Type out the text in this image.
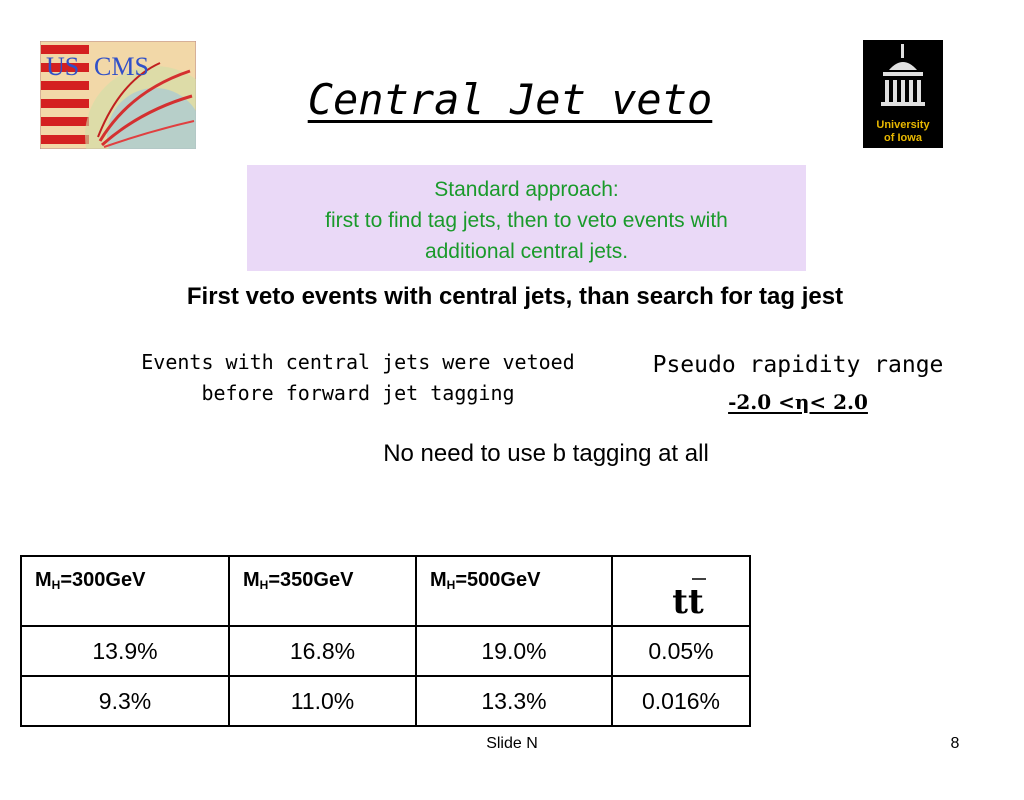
US CMS
University
of Iowa
Central Jet veto
Standard approach:
first to find tag jets, then to veto events with
additional central jets.
First veto events with central jets, than search for tag jest
Events with central jets were vetoed
before forward jet tagging
Pseudo rapidity range
-2.0 <η< 2.0
No need to use b tagging at all
$M_H=300GeV$	$M_H=350GeV$	$M_H=500GeV$	tt

13.9%	16.8%	19.0%	0.05%
9.3%	11.0%	13.3%	0.016%
Slide N	8
